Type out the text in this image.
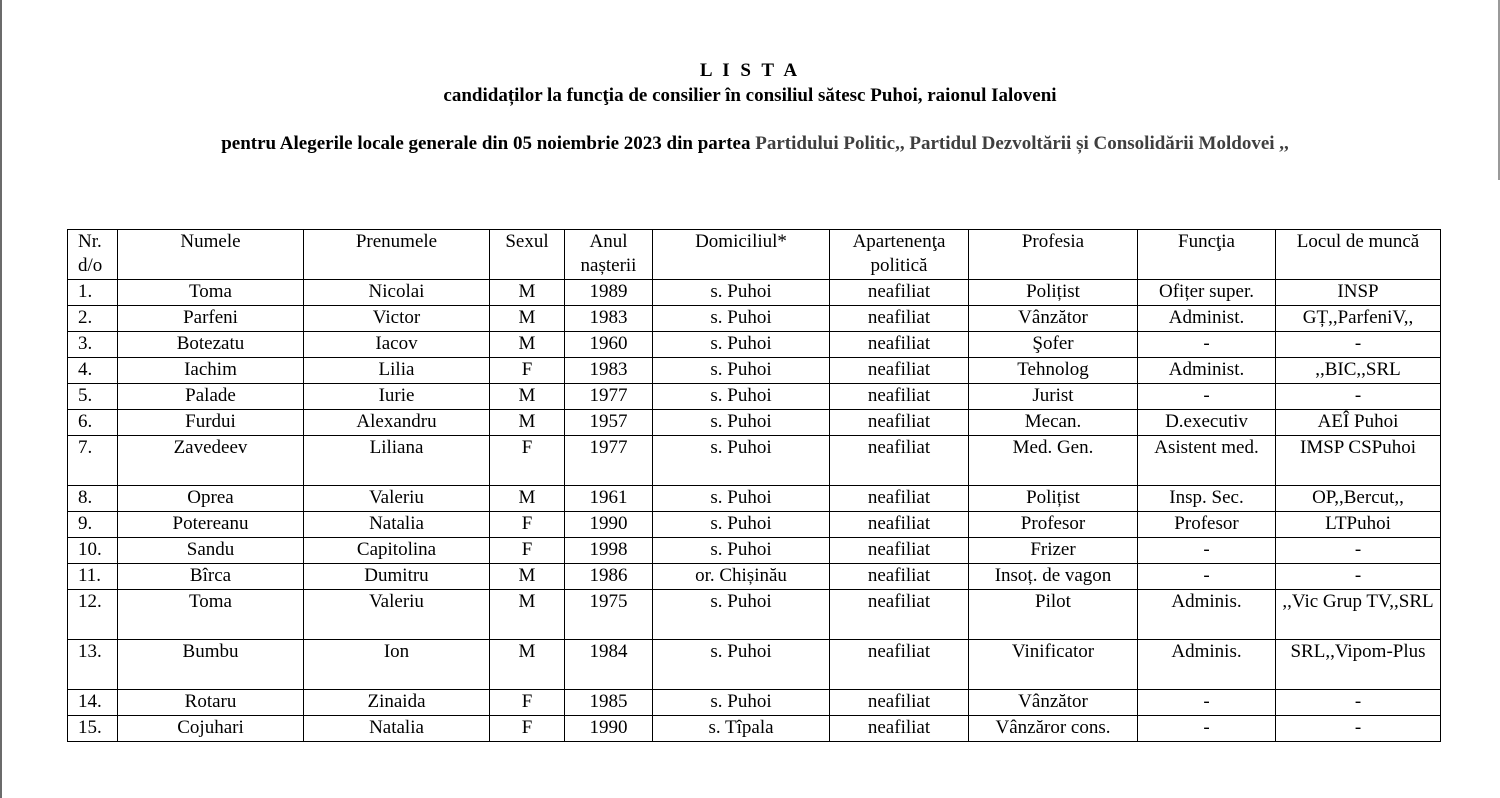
L I S T A
candidaților la funcţia de consilier în consiliul sătesc Puhoi, raionul Ialoveni
pentru Alegerile locale generale din 05 noiembrie 2023 din partea Partidului Politic,, Partidul Dezvoltării și Consolidării Moldovei ,,
Nr. d/o	Numele	Prenumele	Sexul	Anul nașterii	Domiciliul*	Apartenenţa politică	Profesia	Funcţia	Locul de muncă
1.	Toma	Nicolai	M	1989	s. Puhoi	neafiliat	Polițist	Ofițer super.	INSP
2.	Parfeni	Victor	M	1983	s. Puhoi	neafiliat	Vânzător	Administ.	GȚ,,ParfeniV,,
3.	Botezatu	Iacov	M	1960	s. Puhoi	neafiliat	Şofer	-	-
4.	Iachim	Lilia	F	1983	s. Puhoi	neafiliat	Tehnolog	Administ.	,,BIC,,SRL
5.	Palade	Iurie	M	1977	s. Puhoi	neafiliat	Jurist	-	-
6.	Furdui	Alexandru	M	1957	s. Puhoi	neafiliat	Mecan.	D.executiv	AEÎ Puhoi
7.	Zavedeev	Liliana	F	1977	s. Puhoi	neafiliat	Med. Gen.	Asistent med.	IMSP CSPuhoi
8.	Oprea	Valeriu	M	1961	s. Puhoi	neafiliat	Polițist	Insp. Sec.	OP,,Bercut,,
9.	Potereanu	Natalia	F	1990	s. Puhoi	neafiliat	Profesor	Profesor	LTPuhoi
10.	Sandu	Capitolina	F	1998	s. Puhoi	neafiliat	Frizer	-	-
11.	Bîrca	Dumitru	M	1986	or. Chișinău	neafiliat	Insoț. de vagon	-	-
12.	Toma	Valeriu	M	1975	s. Puhoi	neafiliat	Pilot	Adminis.	,,Vic Grup TV,,SRL
13.	Bumbu	Ion	M	1984	s. Puhoi	neafiliat	Vinificator	Adminis.	SRL,,Vipom-Plus
14.	Rotaru	Zinaida	F	1985	s. Puhoi	neafiliat	Vânzător	-	-
15.	Cojuhari	Natalia	F	1990	s. Tîpala	neafiliat	Vânzăror cons.	-	-
